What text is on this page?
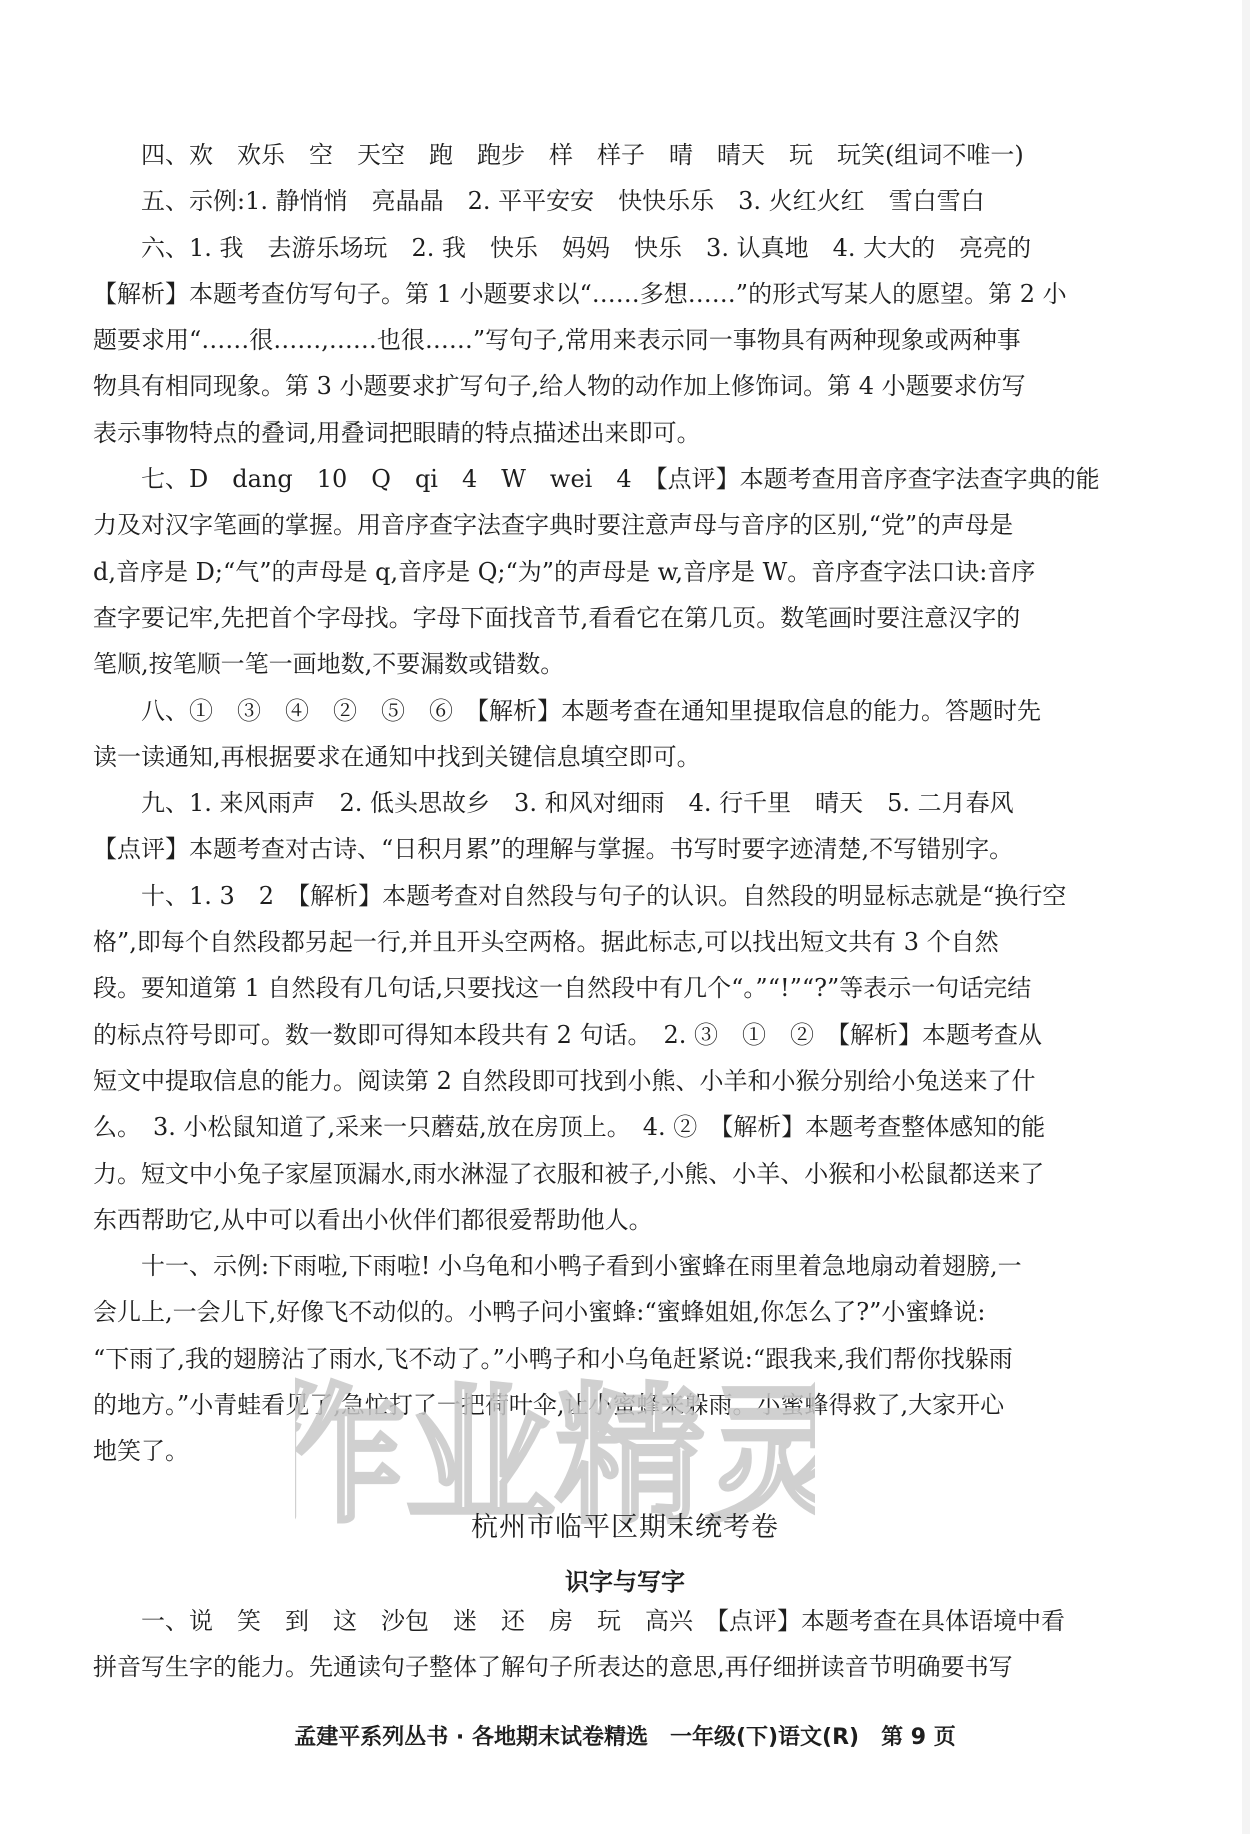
四、欢　欢乐　空　天空　跑　跑步　样　样子　晴　晴天　玩　玩笑(组词不唯一)
五、示例:1. 静悄悄　亮晶晶　2. 平平安安　快快乐乐　3. 火红火红　雪白雪白
六、1. 我　去游乐场玩　2. 我　快乐　妈妈　快乐　3. 认真地　4. 大大的　亮亮的
【解析】本题考查仿写句子。第 1 小题要求以“……多想……”的形式写某人的愿望。第 2 小
题要求用“……很……,……也很……”写句子,常用来表示同一事物具有两种现象或两种事
物具有相同现象。第 3 小题要求扩写句子,给人物的动作加上修饰词。第 4 小题要求仿写
表示事物特点的叠词,用叠词把眼睛的特点描述出来即可。
七、D　dang　10　Q　qi　4　W　wei　4　【点评】本题考查用音序查字法查字典的能
力及对汉字笔画的掌握。用音序查字法查字典时要注意声母与音序的区别,“党”的声母是
d,音序是 D;“气”的声母是 q,音序是 Q;“为”的声母是 w,音序是 W。音序查字法口诀:音序
查字要记牢,先把首个字母找。字母下面找音节,看看它在第几页。数笔画时要注意汉字的
笔顺,按笔顺一笔一画地数,不要漏数或错数。
八、①　③　④　②　⑤　⑥　【解析】本题考查在通知里提取信息的能力。答题时先
读一读通知,再根据要求在通知中找到关键信息填空即可。
九、1. 来风雨声　2. 低头思故乡　3. 和风对细雨　4. 行千里　晴天　5. 二月春风
【点评】本题考查对古诗、“日积月累”的理解与掌握。书写时要字迹清楚,不写错别字。
十、1. 3　2　【解析】本题考查对自然段与句子的认识。自然段的明显标志就是“换行空
格”,即每个自然段都另起一行,并且开头空两格。据此标志,可以找出短文共有 3 个自然
段。要知道第 1 自然段有几句话,只要找这一自然段中有几个“。”“!”“?”等表示一句话完结
的标点符号即可。数一数即可得知本段共有 2 句话。　2. ③　①　②　【解析】本题考查从
短文中提取信息的能力。阅读第 2 自然段即可找到小熊、小羊和小猴分别给小兔送来了什
么。　3. 小松鼠知道了,采来一只蘑菇,放在房顶上。　4. ②　【解析】本题考查整体感知的能
力。短文中小兔子家屋顶漏水,雨水淋湿了衣服和被子,小熊、小羊、小猴和小松鼠都送来了
东西帮助它,从中可以看出小伙伴们都很爱帮助他人。
十一、示例:下雨啦,下雨啦! 小乌龟和小鸭子看到小蜜蜂在雨里着急地扇动着翅膀,一
会儿上,一会儿下,好像飞不动似的。小鸭子问小蜜蜂:“蜜蜂姐姐,你怎么了?”小蜜蜂说:
“下雨了,我的翅膀沾了雨水,飞不动了。”小鸭子和小乌龟赶紧说:“跟我来,我们帮你找躲雨
的地方。”小青蛙看见了,急忙打了一把荷叶伞,让小蜜蜂来躲雨。小蜜蜂得救了,大家开心
地笑了。 作业精灵
杭州市临平区期末统考卷
识字与写字
一、说　笑　到　这　沙包　迷　还　房　玩　高兴　【点评】本题考查在具体语境中看
拼音写生字的能力。先通读句子整体了解句子所表达的意思,再仔细拼读音节明确要书写
孟建平系列丛书 · 各地期末试卷精选　一年级(下)语文(R)　第 9 页
